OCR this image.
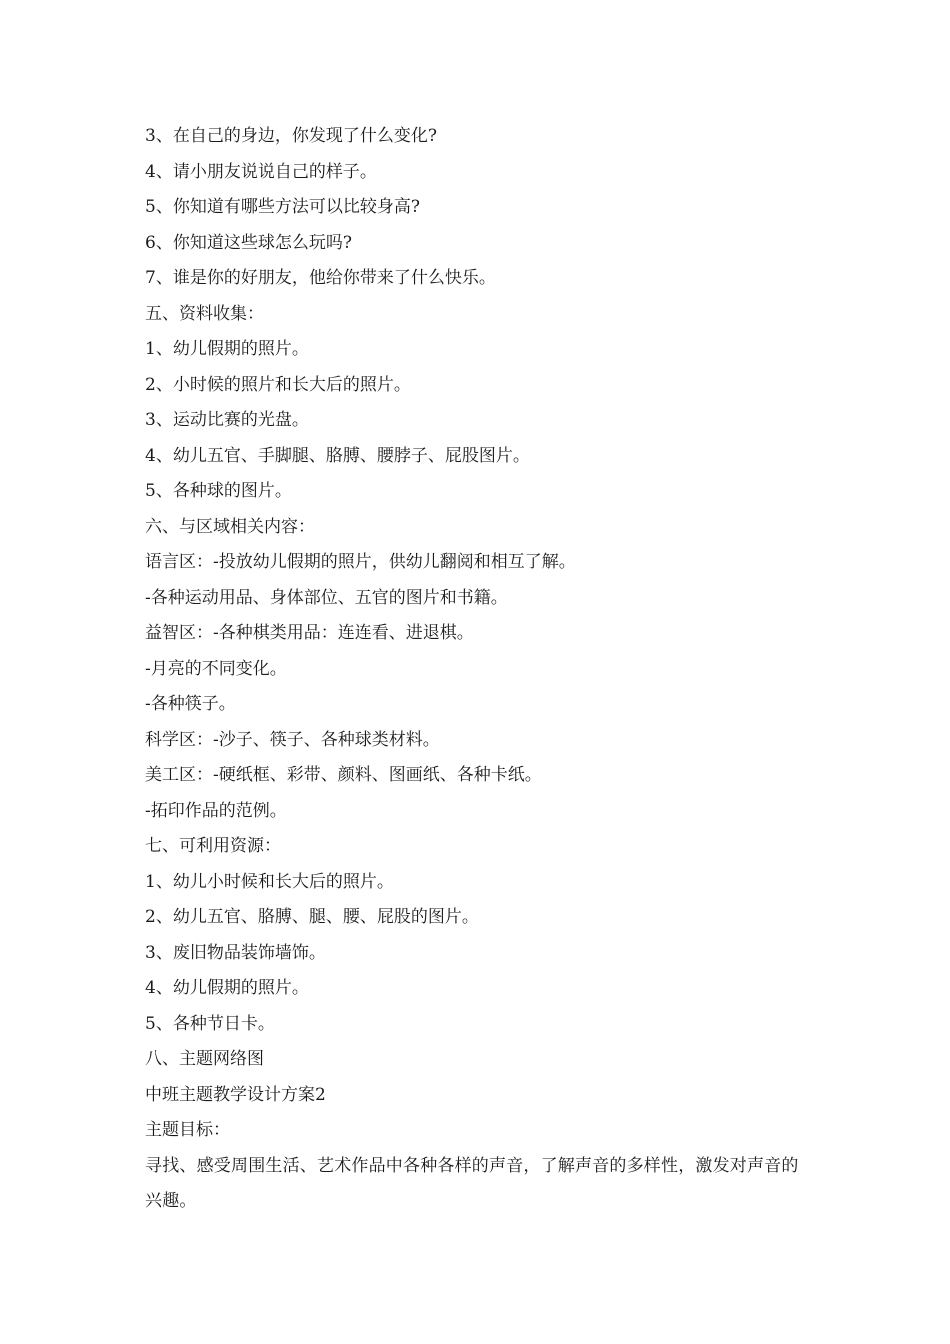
3、在自己的身边，你发现了什么变化?

4、请小朋友说说自己的样子。

5、你知道有哪些方法可以比较身高?

6、你知道这些球怎么玩吗?

7、谁是你的好朋友，他给你带来了什么快乐。

五、资料收集：

1、幼儿假期的照片。

2、小时候的照片和长大后的照片。

3、运动比赛的光盘。

4、幼儿五官、手脚腿、胳膊、腰脖子、屁股图片。

5、各种球的图片。

六、与区域相关内容：

语言区：-投放幼儿假期的照片，供幼儿翻阅和相互了解。

-各种运动用品、身体部位、五官的图片和书籍。

益智区：-各种棋类用品：连连看、进退棋。

-月亮的不同变化。

-各种筷子。

科学区：-沙子、筷子、各种球类材料。

美工区：-硬纸框、彩带、颜料、图画纸、各种卡纸。

-拓印作品的范例。

七、可利用资源：

1、幼儿小时候和长大后的照片。

2、幼儿五官、胳膊、腿、腰、屁股的图片。

3、废旧物品装饰墙饰。

4、幼儿假期的照片。

5、各种节日卡。

八、主题网络图

中班主题教学设计方案2

主题目标：

寻找、感受周围生活、艺术作品中各种各样的声音，了解声音的多样性，激发对声音的兴趣。
